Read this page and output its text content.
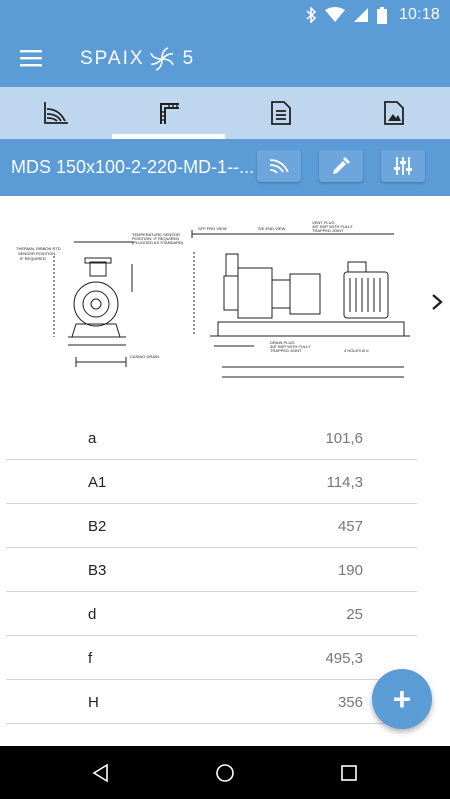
10:18
SPAIX 5
MDS 150x100-2-220-MD-1--...
THERMAL RIBBON RTD
SENSOR POSITION
IF REQUIRED
TEMPERATURE SENSOR
POSITION: IF REQUIRED
(PLUGGED AS STANDARD)
CASING DRAIN
SFP FRO VIEW	S/E END VIEW
VENT PLUG
3/8" BSP WITH FULLY
TRAPPED JOINT
DRAIN PLUG
3/8" BSP WITH FULLY
TRAPPED JOINT	4 HOLES Ø d
a	101,6
A1	114,3
B2	457
B3	190
d	25
f	495,3
H	356 +
